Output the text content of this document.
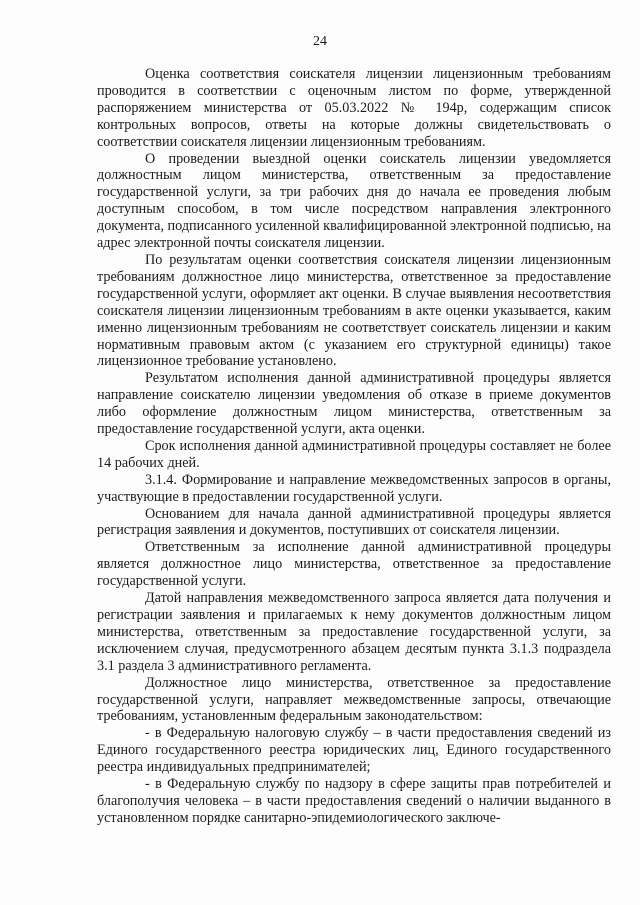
24

Оценка соответствия соискателя лицензии лицензионным требованиям проводится в соответствии с оценочным листом по форме, утвержденной распоряжением министерства от 05.03.2022 № 194р, содержащим список контрольных вопросов, ответы на которые должны свидетельствовать о соответствии соискателя лицензии лицензионным требованиям.

О проведении выездной оценки соискатель лицензии уведомляется должностным лицом министерства, ответственным за предоставление государственной услуги, за три рабочих дня до начала ее проведения любым доступным способом, в том числе посредством направления электронного документа, подписанного усиленной квалифицированной электронной подписью, на адрес электронной почты соискателя лицензии.

По результатам оценки соответствия соискателя лицензии лицензионным требованиям должностное лицо министерства, ответственное за предоставление государственной услуги, оформляет акт оценки. В случае выявления несоответствия соискателя лицензии лицензионным требованиям в акте оценки указывается, каким именно лицензионным требованиям не соответствует соискатель лицензии и каким нормативным правовым актом (с указанием его структурной единицы) такое лицензионное требование установлено.

Результатом исполнения данной административной процедуры является направление соискателю лицензии уведомления об отказе в приеме документов либо оформление должностным лицом министерства, ответственным за предоставление государственной услуги, акта оценки.

Срок исполнения данной административной процедуры составляет не более 14 рабочих дней.

3.1.4. Формирование и направление межведомственных запросов в органы, участвующие в предоставлении государственной услуги.

Основанием для начала данной административной процедуры является регистрация заявления и документов, поступивших от соискателя лицензии.

Ответственным за исполнение данной административной процедуры является должностное лицо министерства, ответственное за предоставление государственной услуги.

Датой направления межведомственного запроса является дата получения и регистрации заявления и прилагаемых к нему документов должностным лицом министерства, ответственным за предоставление государственной услуги, за исключением случая, предусмотренного абзацем десятым пункта 3.1.3 подраздела 3.1 раздела 3 административного регламента.

Должностное лицо министерства, ответственное за предоставление государственной услуги, направляет межведомственные запросы, отвечающие требованиям, установленным федеральным законодательством:

- в Федеральную налоговую службу – в части предоставления сведений из Единого государственного реестра юридических лиц, Единого государственного реестра индивидуальных предпринимателей;

- в Федеральную службу по надзору в сфере защиты прав потребителей и благополучия человека – в части предоставления сведений о наличии выданного в установленном порядке санитарно-эпидемиологического заключе-
